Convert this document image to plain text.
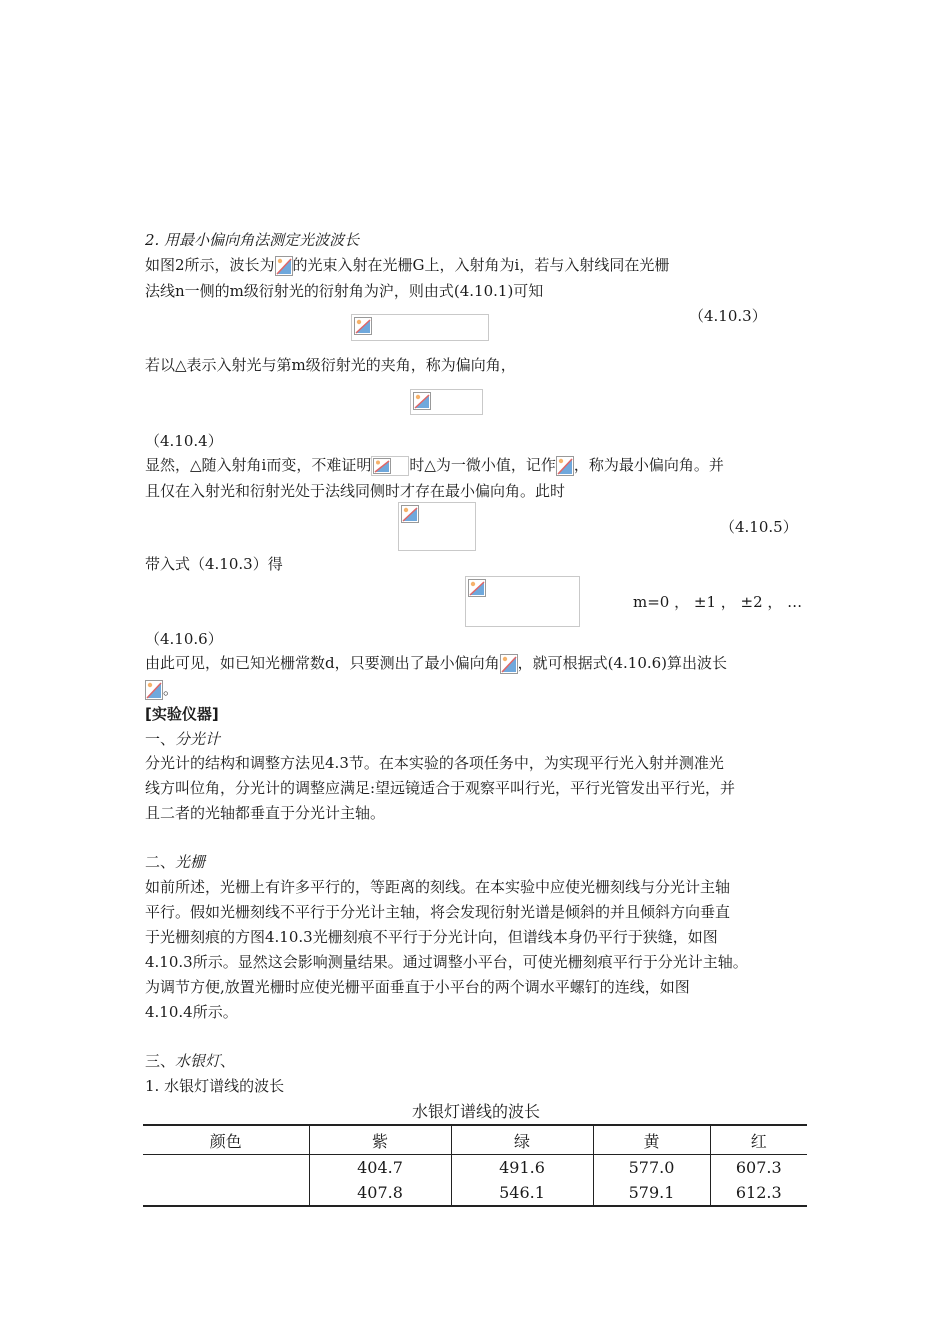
2. 用最小偏向角法测定光波波长
如图2所示，波长为 的光束入射在光栅G上，入射角为i，若与入射线同在光栅
法线n一侧的m级衍射光的衍射角为沪，则由式(4.10.1)可知
（4.10.3）
若以△表示入射光与第m级衍射光的夹角，称为偏向角，
（4.10.4）
显然，△随入射角i而变，不难证明	时△为一微小值，记作 ，称为最小偏向角。并
且仅在入射光和衍射光处于法线同侧时才存在最小偏向角。此时
（4.10.5）
带入式（4.10.3）得
m=0 ， ±1 ， ±2 ， …
（4.10.6）
由此可见，如已知光栅常数d，只要测出了最小偏向角 ，就可根据式(4.10.6)算出波长
。
[实验仪器]
一、分光计
分光计的结构和调整方法见4.3节。在本实验的各项任务中，为实现平行光入射并测准光
线方叫位角，分光计的调整应满足:望远镜适合于观察平叫行光，平行光管发出平行光，并
且二者的光轴都垂直于分光计主轴。
二、光栅
如前所述，光栅上有许多平行的，等距离的刻线。在本实验中应使光栅刻线与分光计主轴
平行。假如光栅刻线不平行于分光计主轴，将会发现衍射光谱是倾斜的并且倾斜方向垂直
于光栅刻痕的方图4.10.3光栅刻痕不平行于分光计向，但谱线本身仍平行于狭缝，如图
4.10.3所示。显然这会影响测量结果。通过调整小平台，可使光栅刻痕平行于分光计主轴。
为调节方便,放置光栅时应使光栅平面垂直于小平台的两个调水平螺钉的连线，如图
4.10.4所示。
三、水银灯、
1. 水银灯谱线的波长
水银灯谱线的波长
颜色	紫	绿	黄	红
	404.7	491.6	577.0	607.3
	407.8	546.1	579.1	612.3
